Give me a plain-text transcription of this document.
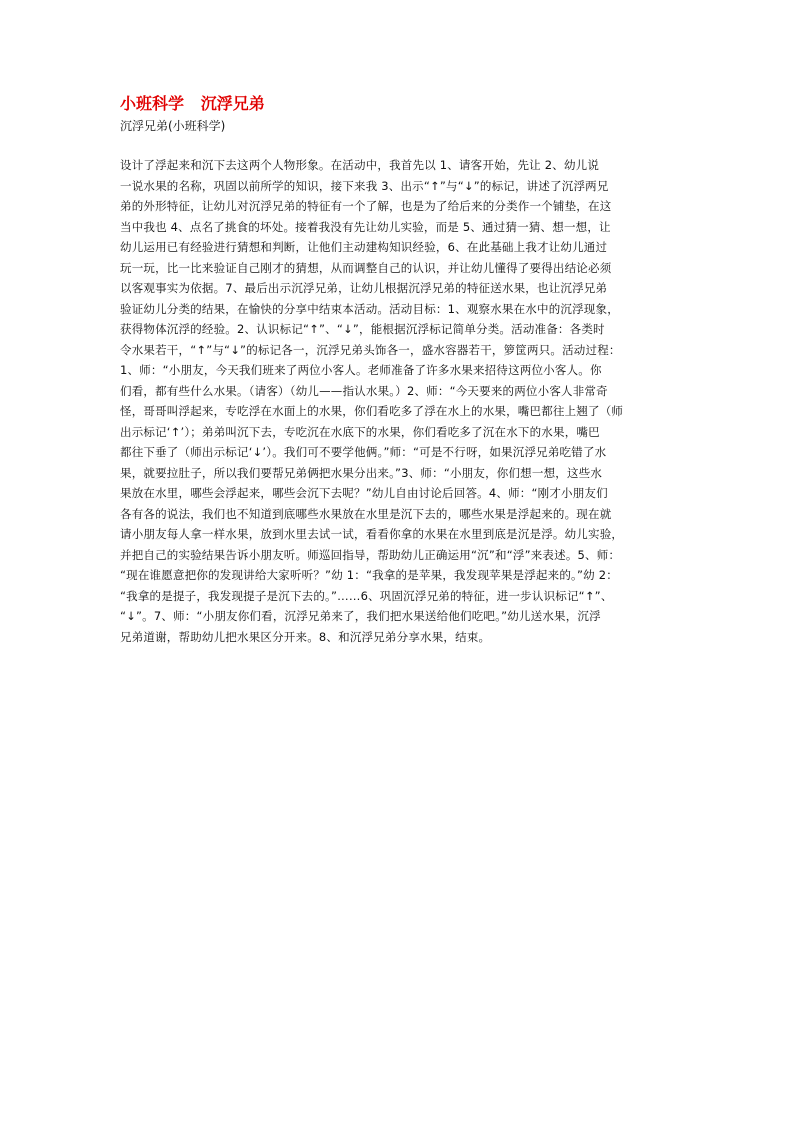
小班科学   沉浮兄弟
沉浮兄弟(小班科学)
设计了浮起来和沉下去这两个人物形象。在活动中，我首先以 1、请客开始，先让 2、幼儿说
一说水果的名称，巩固以前所学的知识，接下来我 3、出示“↑”与“↓”的标记，讲述了沉浮两兄
弟的外形特征，让幼儿对沉浮兄弟的特征有一个了解，也是为了给后来的分类作一个铺垫，在这
当中我也 4、点名了挑食的坏处。接着我没有先让幼儿实验，而是 5、通过猜一猜、想一想，让
幼儿运用已有经验进行猜想和判断，让他们主动建构知识经验，6、在此基础上我才让幼儿通过
玩一玩，比一比来验证自己刚才的猜想，从而调整自己的认识，并让幼儿懂得了要得出结论必须
以客观事实为依据。7、最后出示沉浮兄弟，让幼儿根据沉浮兄弟的特征送水果，也让沉浮兄弟
验证幼儿分类的结果，在愉快的分享中结束本活动。活动目标：1、观察水果在水中的沉浮现象，
获得物体沉浮的经验。2、认识标记“↑”、“↓”，能根据沉浮标记简单分类。活动准备：各类时
令水果若干，“↑”与“↓”的标记各一，沉浮兄弟头饰各一，盛水容器若干，箩筐两只。活动过程：
1、师：“小朋友，今天我们班来了两位小客人。老师准备了许多水果来招待这两位小客人。你
们看，都有些什么水果。（请客）（幼儿——指认水果。）2、师：“今天要来的两位小客人非常奇
怪，哥哥叫浮起来，专吃浮在水面上的水果，你们看吃多了浮在水上的水果，嘴巴都往上翘了（师
出示标记‘↑’）；弟弟叫沉下去，专吃沉在水底下的水果，你们看吃多了沉在水下的水果，嘴巴
都往下垂了（师出示标记‘↓’）。我们可不要学他俩。”师：“可是不行呀，如果沉浮兄弟吃错了水
果，就要拉肚子，所以我们要帮兄弟俩把水果分出来。”3、师：“小朋友，你们想一想，这些水
果放在水里，哪些会浮起来，哪些会沉下去呢？”幼儿自由讨论后回答。4、师：“刚才小朋友们
各有各的说法，我们也不知道到底哪些水果放在水里是沉下去的，哪些水果是浮起来的。现在就
请小朋友每人拿一样水果，放到水里去试一试，看看你拿的水果在水里到底是沉是浮。幼儿实验，
并把自己的实验结果告诉小朋友听。师巡回指导，帮助幼儿正确运用“沉”和“浮”来表述。5、师：
“现在谁愿意把你的发现讲给大家听听？”幼 1：“我拿的是苹果，我发现苹果是浮起来的。”幼 2：
“我拿的是提子，我发现提子是沉下去的。”……6、巩固沉浮兄弟的特征，进一步认识标记“↑”、
“↓”。7、师：“小朋友你们看，沉浮兄弟来了，我们把水果送给他们吃吧。”幼儿送水果，沉浮
兄弟道谢，帮助幼儿把水果区分开来。8、和沉浮兄弟分享水果，结束。
